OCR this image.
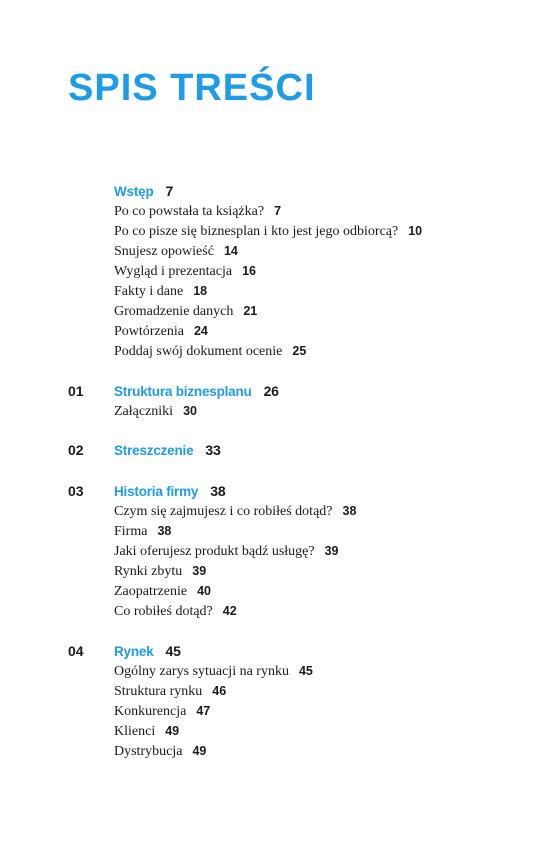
SPIS TREŚCI
Wstęp 7
Po co powstała ta książka? 7
Po co pisze się biznesplan i kto jest jego odbiorcą? 10
Snujesz opowieść 14
Wygląd i prezentacja 16
Fakty i dane 18
Gromadzenie danych 21
Powtórzenia 24
Poddaj swój dokument ocenie 25
01 Struktura biznesplanu 26
Załączniki 30
02 Streszczenie 33
03 Historia firmy 38
Czym się zajmujesz i co robiłeś dotąd? 38
Firma 38
Jaki oferujesz produkt bądź usługę? 39
Rynki zbytu 39
Zaopatrzenie 40
Co robiłeś dotąd? 42
04 Rynek 45
Ogólny zarys sytuacji na rynku 45
Struktura rynku 46
Konkurencja 47
Klienci 49
Dystrybucja 49
